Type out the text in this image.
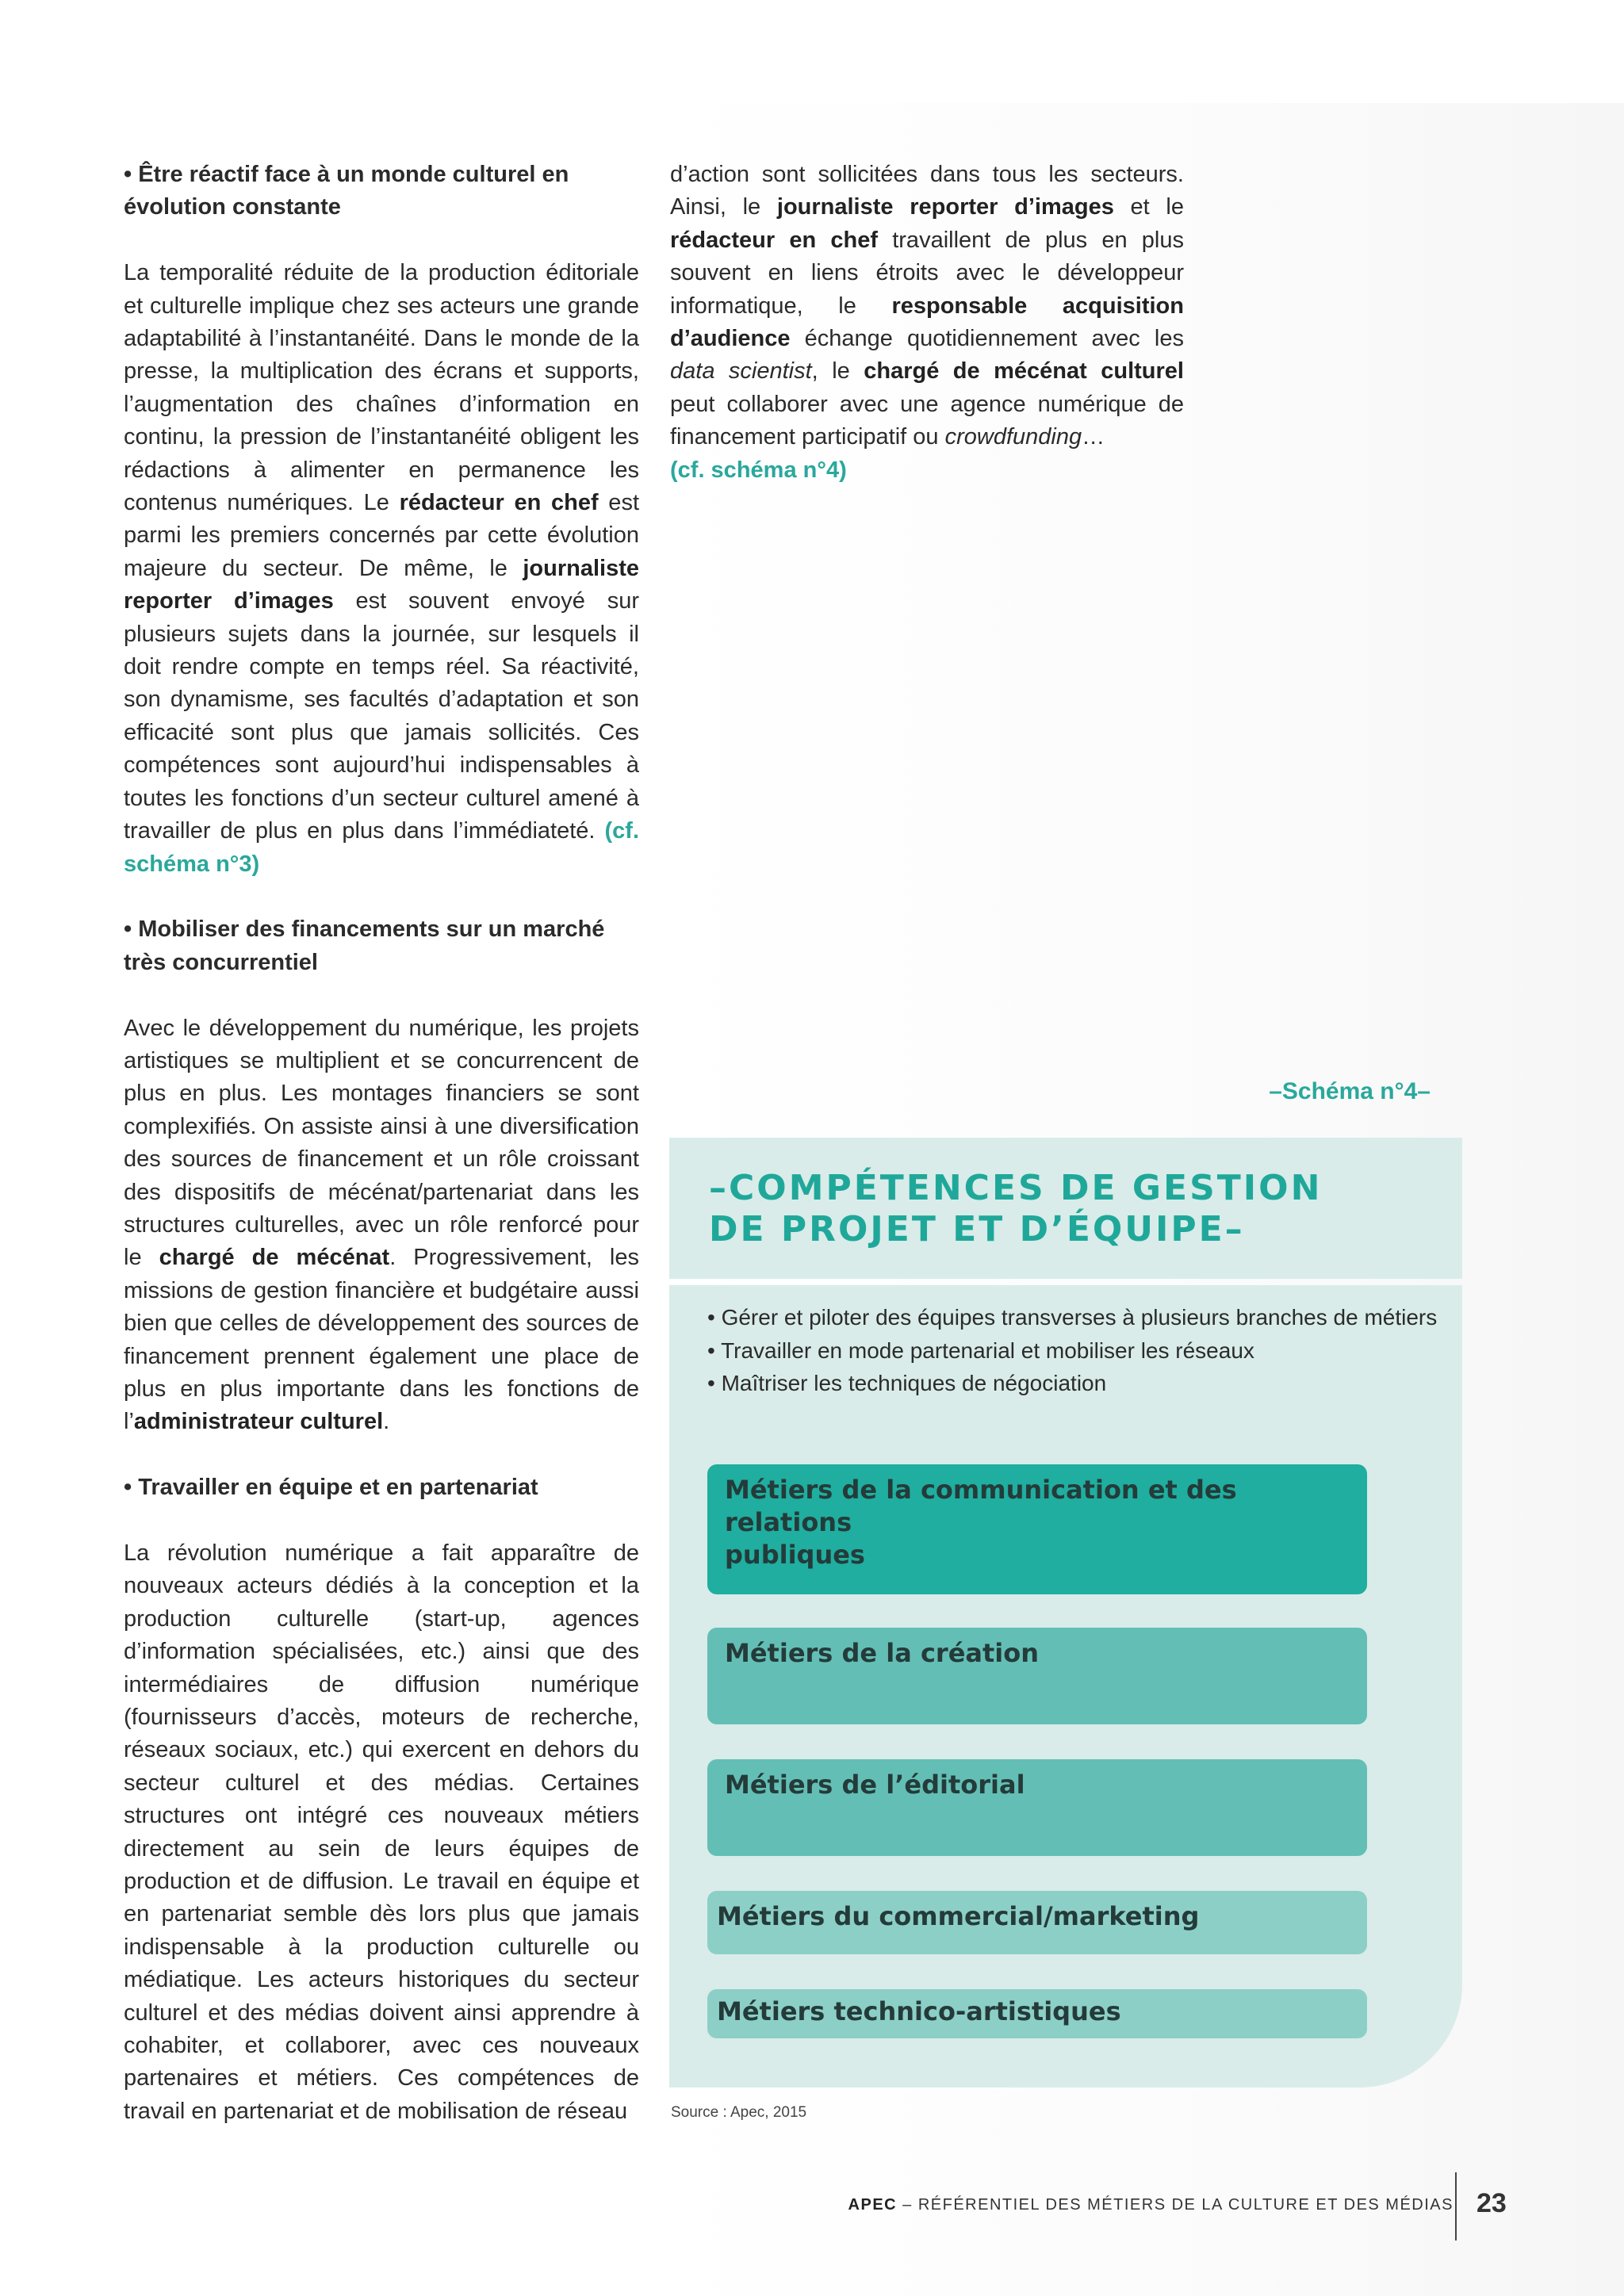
• Être réactif face à un monde culturel en évolution constante

La temporalité réduite de la production éditoriale et culturelle implique chez ses acteurs une grande adaptabilité à l’instantanéité. Dans le monde de la presse, la multiplication des écrans et supports, l’augmentation des chaînes d’information en continu, la pression de l’instantanéité obligent les rédactions à alimenter en permanence les contenus numériques. Le rédacteur en chef est parmi les premiers concernés par cette évolution majeure du secteur. De même, le journaliste reporter d’images est souvent envoyé sur plusieurs sujets dans la journée, sur lesquels il doit rendre compte en temps réel. Sa réactivité, son dynamisme, ses facultés d’adaptation et son efficacité sont plus que jamais sollicités. Ces compétences sont aujourd’hui indispensables à toutes les fonctions d’un secteur culturel amené à travailler de plus en plus dans l’immédiateté. (cf. schéma n°3)

• Mobiliser des financements sur un marché très concurrentiel

Avec le développement du numérique, les projets artistiques se multiplient et se concurrencent de plus en plus. Les montages financiers se sont complexifiés. On assiste ainsi à une diversification des sources de financement et un rôle croissant des dispositifs de mécénat/partenariat dans les structures culturelles, avec un rôle renforcé pour le chargé de mécénat. Progressivement, les missions de gestion financière et budgétaire aussi bien que celles de développement des sources de financement prennent également une place de plus en plus importante dans les fonctions de l’administrateur culturel.

• Travailler en équipe et en partenariat

La révolution numérique a fait apparaître de nouveaux acteurs dédiés à la conception et la production culturelle (start-up, agences d’information spécialisées, etc.) ainsi que des intermédiaires de diffusion numérique (fournisseurs d’accès, moteurs de recherche, réseaux sociaux, etc.) qui exercent en dehors du secteur culturel et des médias. Certaines structures ont intégré ces nouveaux métiers directement au sein de leurs équipes de production et de diffusion. Le travail en équipe et en partenariat semble dès lors plus que jamais indispensable à la production culturelle ou médiatique. Les acteurs historiques du secteur culturel et des médias doivent ainsi apprendre à cohabiter, et collaborer, avec ces nouveaux partenaires et métiers. Ces compétences de travail en partenariat et de mobilisation de réseau

d’action sont sollicitées dans tous les secteurs. Ainsi, le journaliste reporter d’images et le rédacteur en chef travaillent de plus en plus souvent en liens étroits avec le développeur informatique, le responsable acquisition d’audience échange quotidiennement avec les data scientist, le chargé de mécénat culturel peut collaborer avec une agence numérique de financement participatif ou crowdfunding…
(cf. schéma n°4)

–Schéma n°4–
–COMPÉTENCES DE GESTION
DE PROJET ET D’ÉQUIPE–
• Gérer et piloter des équipes transverses à plusieurs branches de métiers
• Travailler en mode partenarial et mobiliser les réseaux
• Maîtriser les techniques de négociation
Métiers de la communication et des relations
publiques
Métiers de la création
Métiers de l’éditorial
Métiers du commercial/marketing
Métiers technico-artistiques
Source : Apec, 2015
APEC – RÉFÉRENTIEL DES MÉTIERS DE LA CULTURE ET DES MÉDIAS 23
